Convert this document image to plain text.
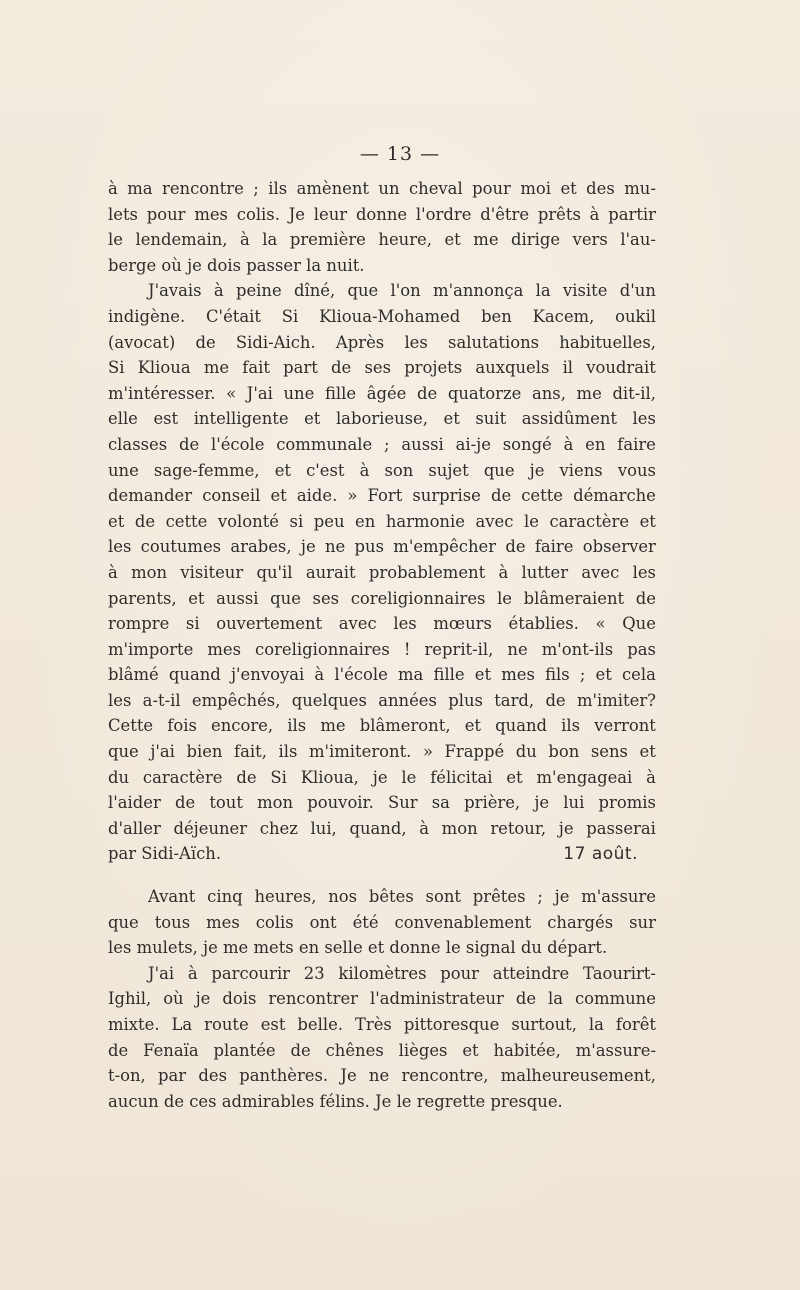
— 13 —
à ma rencontre ; ils amènent un cheval pour moi et des mu-
lets pour mes colis. Je leur donne l'ordre d'être prêts à partir
le lendemain, à la première heure, et me dirige vers l'au-
berge où je dois passer la nuit.
J'avais à peine dîné, que l'on m'annonça la visite d'un
indigène. C'était Si Klioua-Mohamed ben Kacem, oukil
(avocat) de Sidi-Aich. Après les salutations habituelles,
Si Klioua me fait part de ses projets auxquels il voudrait
m'intéresser. « J'ai une fille âgée de quatorze ans, me dit-il,
elle est intelligente et laborieuse, et suit assidûment les
classes de l'école communale ; aussi ai-je songé à en faire
une sage-femme, et c'est à son sujet que je viens vous
demander conseil et aide. » Fort surprise de cette démarche
et de cette volonté si peu en harmonie avec le caractère et
les coutumes arabes, je ne pus m'empêcher de faire observer
à mon visiteur qu'il aurait probablement à lutter avec les
parents, et aussi que ses coreligionnaires le blâmeraient de
rompre si ouvertement avec les mœurs établies. « Que
m'importe mes coreligionnaires ! reprit-il, ne m'ont-ils pas
blâmé quand j'envoyai à l'école ma fille et mes fils ; et cela
les a-t-il empêchés, quelques années plus tard, de m'imiter?
Cette fois encore, ils me blâmeront, et quand ils verront
que j'ai bien fait, ils m'imiteront. » Frappé du bon sens et
du caractère de Si Klioua, je le félicitai et m'engageai à
l'aider de tout mon pouvoir. Sur sa prière, je lui promis
d'aller déjeuner chez lui, quand, à mon retour, je passerai
par Sidi-Aïch.	17 août.
Avant cinq heures, nos bêtes sont prêtes ; je m'assure
que tous mes colis ont été convenablement chargés sur
les mulets, je me mets en selle et donne le signal du départ.
J'ai à parcourir 23 kilomètres pour atteindre Taourirt-
Ighil, où je dois rencontrer l'administrateur de la commune
mixte. La route est belle. Très pittoresque surtout, la forêt
de Fenaïa plantée de chênes lièges et habitée, m'assure-
t-on, par des panthères. Je ne rencontre, malheureusement,
aucun de ces admirables félins. Je le regrette presque.
